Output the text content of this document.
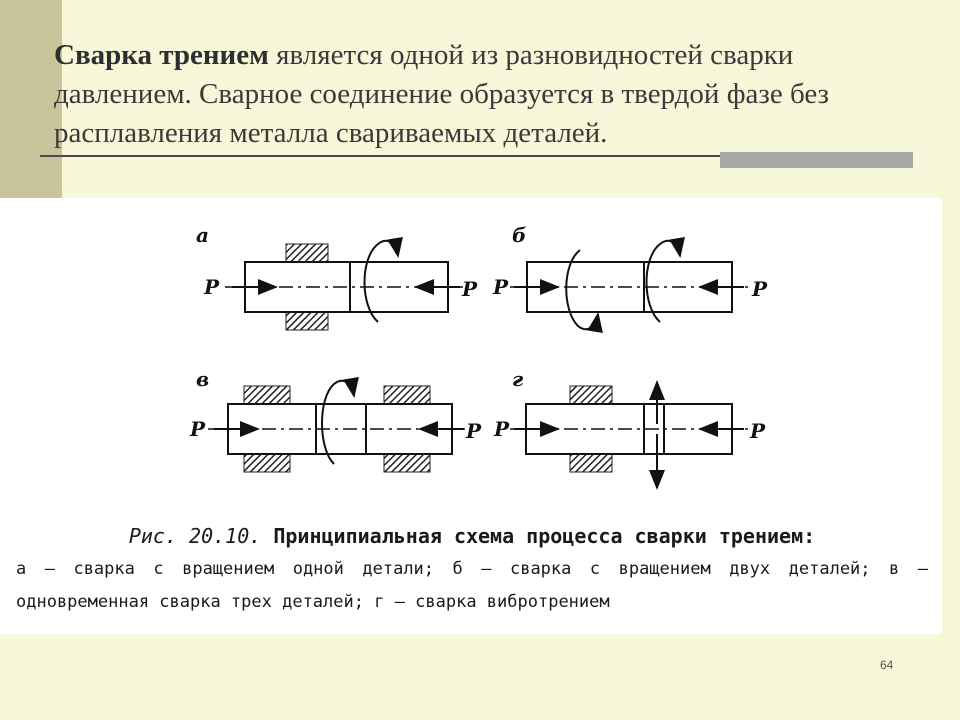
Сварка трением является одной из разновидностей сварки давлением. Сварное соединение образуется в твердой фазе без расплавления металла свариваемых деталей.
а
P	P
б
P	P
в
P	P
г
P	P
Рис. 20.10. Принципиальная схема процесса сварки трением:
а — сварка с вращением одной детали; б — сварка с вращением двух деталей; в — одновременная сварка трех деталей; г — сварка вибротрением
64
